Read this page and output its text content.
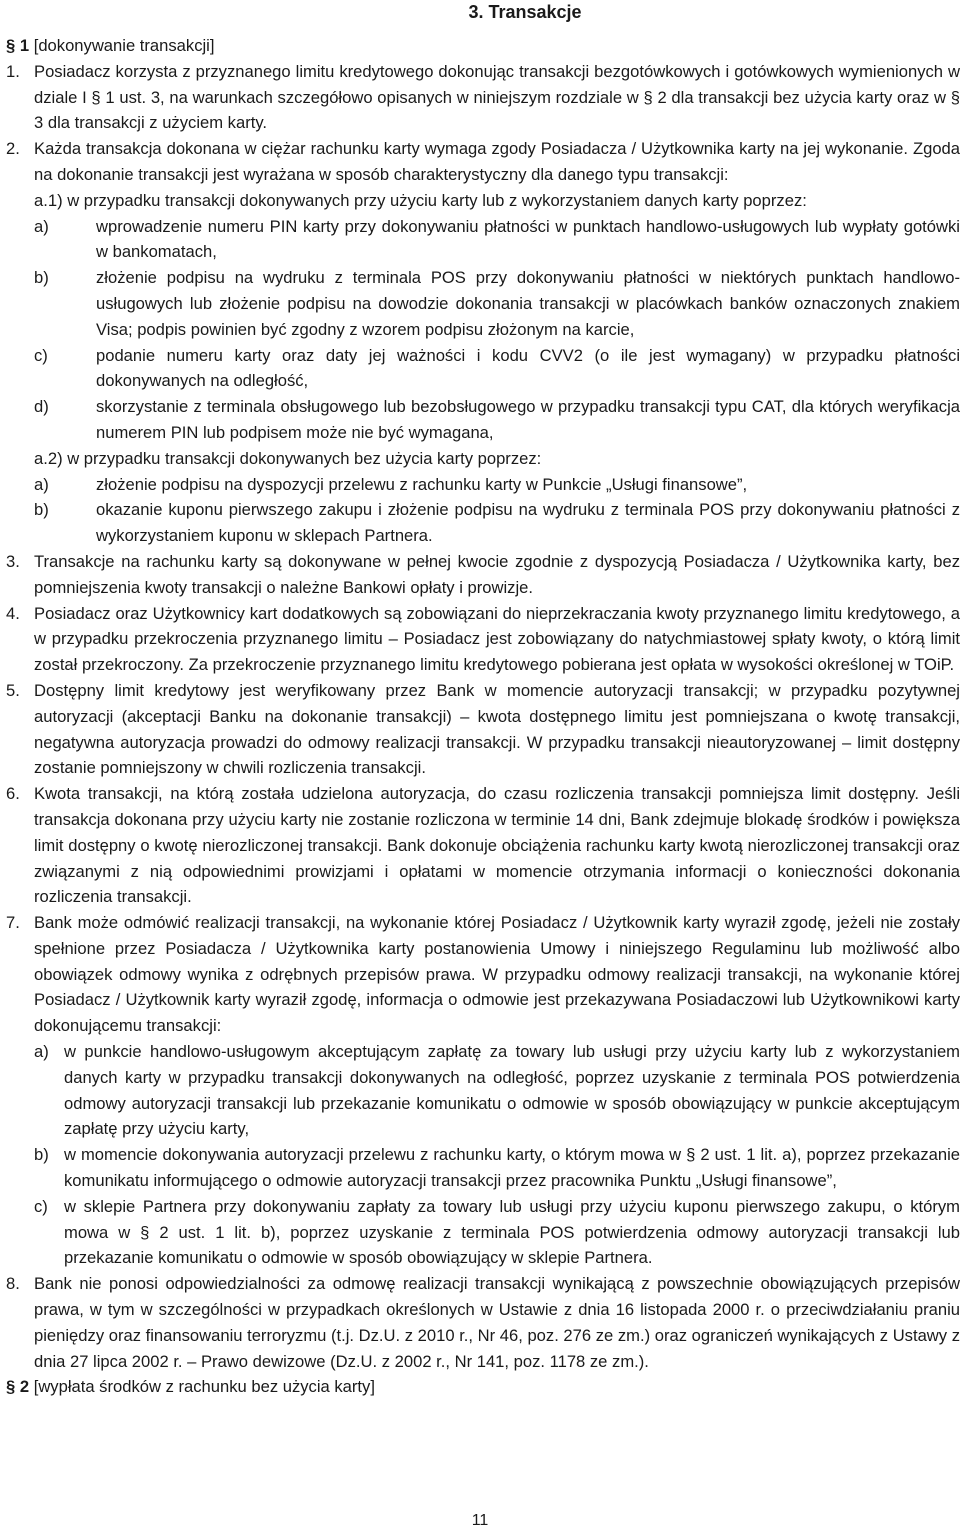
3. Transakcje
§ 1 [dokonywanie transakcji]
1. Posiadacz korzysta z przyznanego limitu kredytowego dokonując transakcji bezgotówkowych i gotówkowych wymienionych w dziale I § 1 ust. 3, na warunkach szczegółowo opisanych w niniejszym rozdziale w § 2 dla transakcji bez użycia karty oraz w § 3 dla transakcji z użyciem karty.
2. Każda transakcja dokonana w ciężar rachunku karty wymaga zgody Posiadacza / Użytkownika karty na jej wykonanie. Zgoda na dokonanie transakcji jest wyrażana w sposób charakterystyczny dla danego typu transakcji:
a.1) w przypadku transakcji dokonywanych przy użyciu karty lub z wykorzystaniem danych karty poprzez:
a)	wprowadzenie numeru PIN karty przy dokonywaniu płatności w punktach handlowo-usługowych lub wypłaty gotówki w bankomatach,
b)	złożenie podpisu na wydruku z terminala POS przy dokonywaniu płatności w niektórych punktach handlowo-usługowych lub złożenie podpisu na dowodzie dokonania transakcji w placówkach banków oznaczonych znakiem Visa; podpis powinien być zgodny z wzorem podpisu złożonym na karcie,
c)	podanie numeru karty oraz daty jej ważności i kodu CVV2 (o ile jest wymagany) w przypadku płatności dokonywanych na odległość,
d)	skorzystanie z terminala obsługowego lub bezobsługowego w przypadku transakcji typu CAT, dla których weryfikacja numerem PIN lub podpisem może nie być wymagana,
a.2) w przypadku transakcji dokonywanych bez użycia karty poprzez:
a)	złożenie podpisu na dyspozycji przelewu z rachunku karty w Punkcie „Usługi finansowe”,
b)	okazanie kuponu pierwszego zakupu i złożenie podpisu na wydruku z terminala POS przy dokonywaniu płatności z wykorzystaniem kuponu w sklepach Partnera.
3. Transakcje na rachunku karty są dokonywane w pełnej kwocie zgodnie z dyspozycją Posiadacza / Użytkownika karty, bez pomniejszenia kwoty transakcji o należne Bankowi opłaty i prowizje.
4. Posiadacz oraz Użytkownicy kart dodatkowych są zobowiązani do nieprzekraczania kwoty przyznanego limitu kredytowego, a w przypadku przekroczenia przyznanego limitu – Posiadacz jest zobowiązany do natychmiastowej spłaty kwoty, o którą limit został przekroczony. Za przekroczenie przyznanego limitu kredytowego pobierana jest opłata w wysokości określonej w TOiP.
5. Dostępny limit kredytowy jest weryfikowany przez Bank w momencie autoryzacji transakcji; w przypadku pozytywnej autoryzacji (akceptacji Banku na dokonanie transakcji) – kwota dostępnego limitu jest pomniejszana o kwotę transakcji, negatywna autoryzacja prowadzi do odmowy realizacji transakcji. W przypadku transakcji nieautoryzowanej – limit dostępny zostanie pomniejszony w chwili rozliczenia transakcji.
6. Kwota transakcji, na którą została udzielona autoryzacja, do czasu rozliczenia transakcji pomniejsza limit dostępny. Jeśli transakcja dokonana przy użyciu karty nie zostanie rozliczona w terminie 14 dni, Bank zdejmuje blokadę środków i powiększa limit dostępny o kwotę nierozliczonej transakcji. Bank dokonuje obciążenia rachunku karty kwotą nierozliczonej transakcji oraz związanymi z nią odpowiednimi prowizjami i opłatami w momencie otrzymania informacji o konieczności dokonania rozliczenia transakcji.
7. Bank może odmówić realizacji transakcji, na wykonanie której Posiadacz / Użytkownik karty wyraził zgodę, jeżeli nie zostały spełnione przez Posiadacza / Użytkownika karty postanowienia Umowy i niniejszego Regulaminu lub możliwość albo obowiązek odmowy wynika z odrębnych przepisów prawa. W przypadku odmowy realizacji transakcji, na wykonanie której Posiadacz / Użytkownik karty wyraził zgodę, informacja o odmowie jest przekazywana Posiadaczowi lub Użytkownikowi karty dokonującemu transakcji:
a) w punkcie handlowo-usługowym akceptującym zapłatę za towary lub usługi przy użyciu karty lub z wykorzystaniem danych karty w przypadku transakcji dokonywanych na odległość, poprzez uzyskanie z terminala POS potwierdzenia odmowy autoryzacji transakcji lub przekazanie komunikatu o odmowie w sposób obowiązujący w punkcie akceptującym zapłatę przy użyciu karty,
b) w momencie dokonywania autoryzacji przelewu z rachunku karty, o którym mowa w § 2 ust. 1 lit. a), poprzez przekazanie komunikatu informującego o odmowie autoryzacji transakcji przez pracownika Punktu „Usługi finansowe”,
c) w sklepie Partnera przy dokonywaniu zapłaty za towary lub usługi przy użyciu kuponu pierwszego zakupu, o którym mowa w § 2 ust. 1 lit. b), poprzez uzyskanie z terminala POS potwierdzenia odmowy autoryzacji transakcji lub przekazanie komunikatu o odmowie w sposób obowiązujący w sklepie Partnera.
8. Bank nie ponosi odpowiedzialności za odmowę realizacji transakcji wynikającą z powszechnie obowiązujących przepisów prawa, w tym w szczególności w przypadkach określonych w Ustawie z dnia 16 listopada 2000 r. o przeciwdziałaniu praniu pieniędzy oraz finansowaniu terroryzmu (t.j. Dz.U. z 2010 r., Nr 46, poz. 276 ze zm.) oraz ograniczeń wynikających z Ustawy z dnia 27 lipca 2002 r. – Prawo dewizowe (Dz.U. z 2002 r., Nr 141, poz. 1178 ze zm.).
§ 2 [wypłata środków z rachunku bez użycia karty]
11
